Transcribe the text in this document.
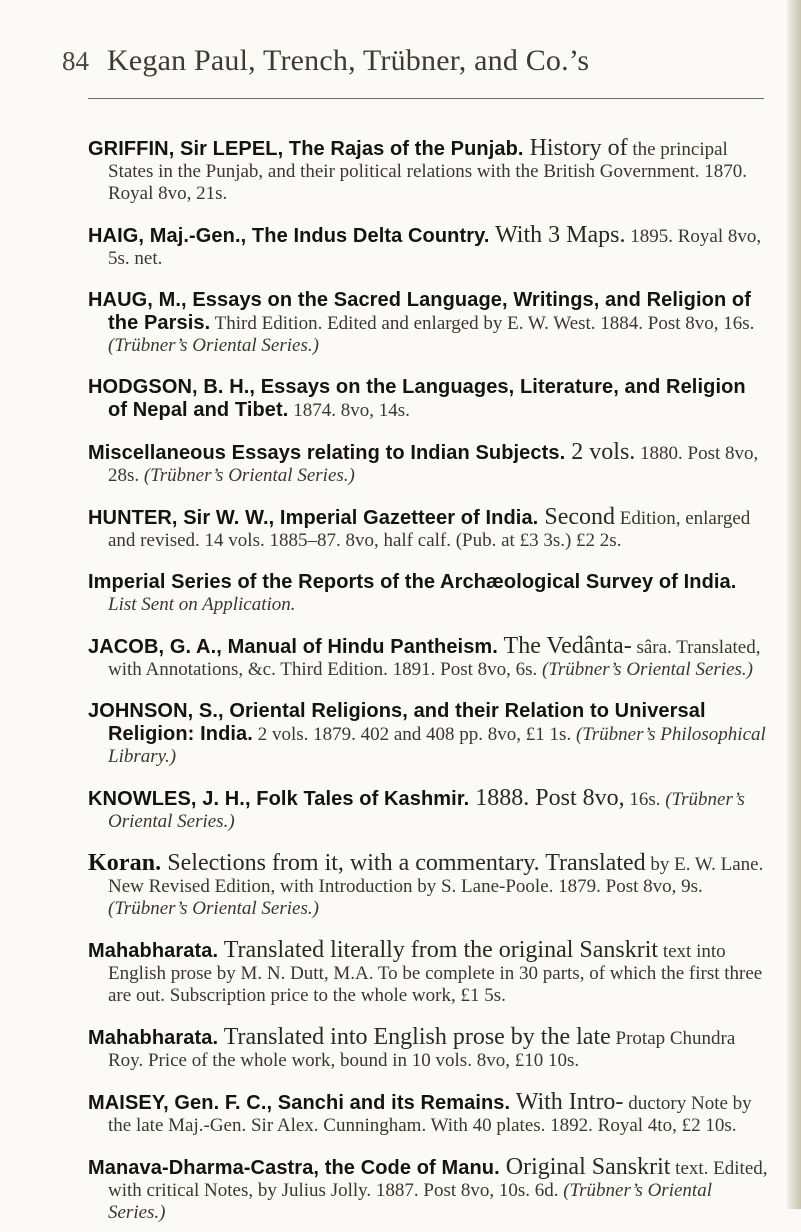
84 Kegan Paul, Trench, Trübner, and Co.’s

GRIFFIN, Sir LEPEL, The Rajas of the Punjab. History of the principal States in the Punjab, and their political relations with the British Government. 1870. Royal 8vo, 21s.

HAIG, Maj.-Gen., The Indus Delta Country. With 3 Maps. 1895. Royal 8vo, 5s. net.

HAUG, M., Essays on the Sacred Language, Writings, and Religion of the Parsis. Third Edition. Edited and enlarged by E. W. West. 1884. Post 8vo, 16s. (Trübner’s Oriental Series.)

HODGSON, B. H., Essays on the Languages, Literature, and Religion of Nepal and Tibet. 1874. 8vo, 14s.

Miscellaneous Essays relating to Indian Subjects. 2 vols. 1880. Post 8vo, 28s. (Trübner’s Oriental Series.)

HUNTER, Sir W. W., Imperial Gazetteer of India. Second Edition, enlarged and revised. 14 vols. 1885–87. 8vo, half calf. (Pub. at £3 3s.) £2 2s.

Imperial Series of the Reports of the Archæological Survey of India. List Sent on Application.

JACOB, G. A., Manual of Hindu Pantheism. The Vedânta- sâra. Translated, with Annotations, &c. Third Edition. 1891. Post 8vo, 6s. (Trübner’s Oriental Series.)

JOHNSON, S., Oriental Religions, and their Relation to Universal Religion: India. 2 vols. 1879. 402 and 408 pp. 8vo, £1 1s. (Trübner’s Philosophical Library.)

KNOWLES, J. H., Folk Tales of Kashmir. 1888. Post 8vo, 16s. (Trübner’s Oriental Series.)

Koran. Selections from it, with a commentary. Translated by E. W. Lane. New Revised Edition, with Introduction by S. Lane-Poole. 1879. Post 8vo, 9s. (Trübner’s Oriental Series.)

Mahabharata. Translated literally from the original Sanskrit text into English prose by M. N. Dutt, M.A. To be complete in 30 parts, of which the first three are out. Subscription price to the whole work, £1 5s.

Mahabharata. Translated into English prose by the late Protap Chundra Roy. Price of the whole work, bound in 10 vols. 8vo, £10 10s.

MAISEY, Gen. F. C., Sanchi and its Remains. With Intro- ductory Note by the late Maj.-Gen. Sir Alex. Cunningham. With 40 plates. 1892. Royal 4to, £2 10s.

Manava-Dharma-Castra, the Code of Manu. Original Sanskrit text. Edited, with critical Notes, by Julius Jolly. 1887. Post 8vo, 10s. 6d. (Trübner’s Oriental Series.)
